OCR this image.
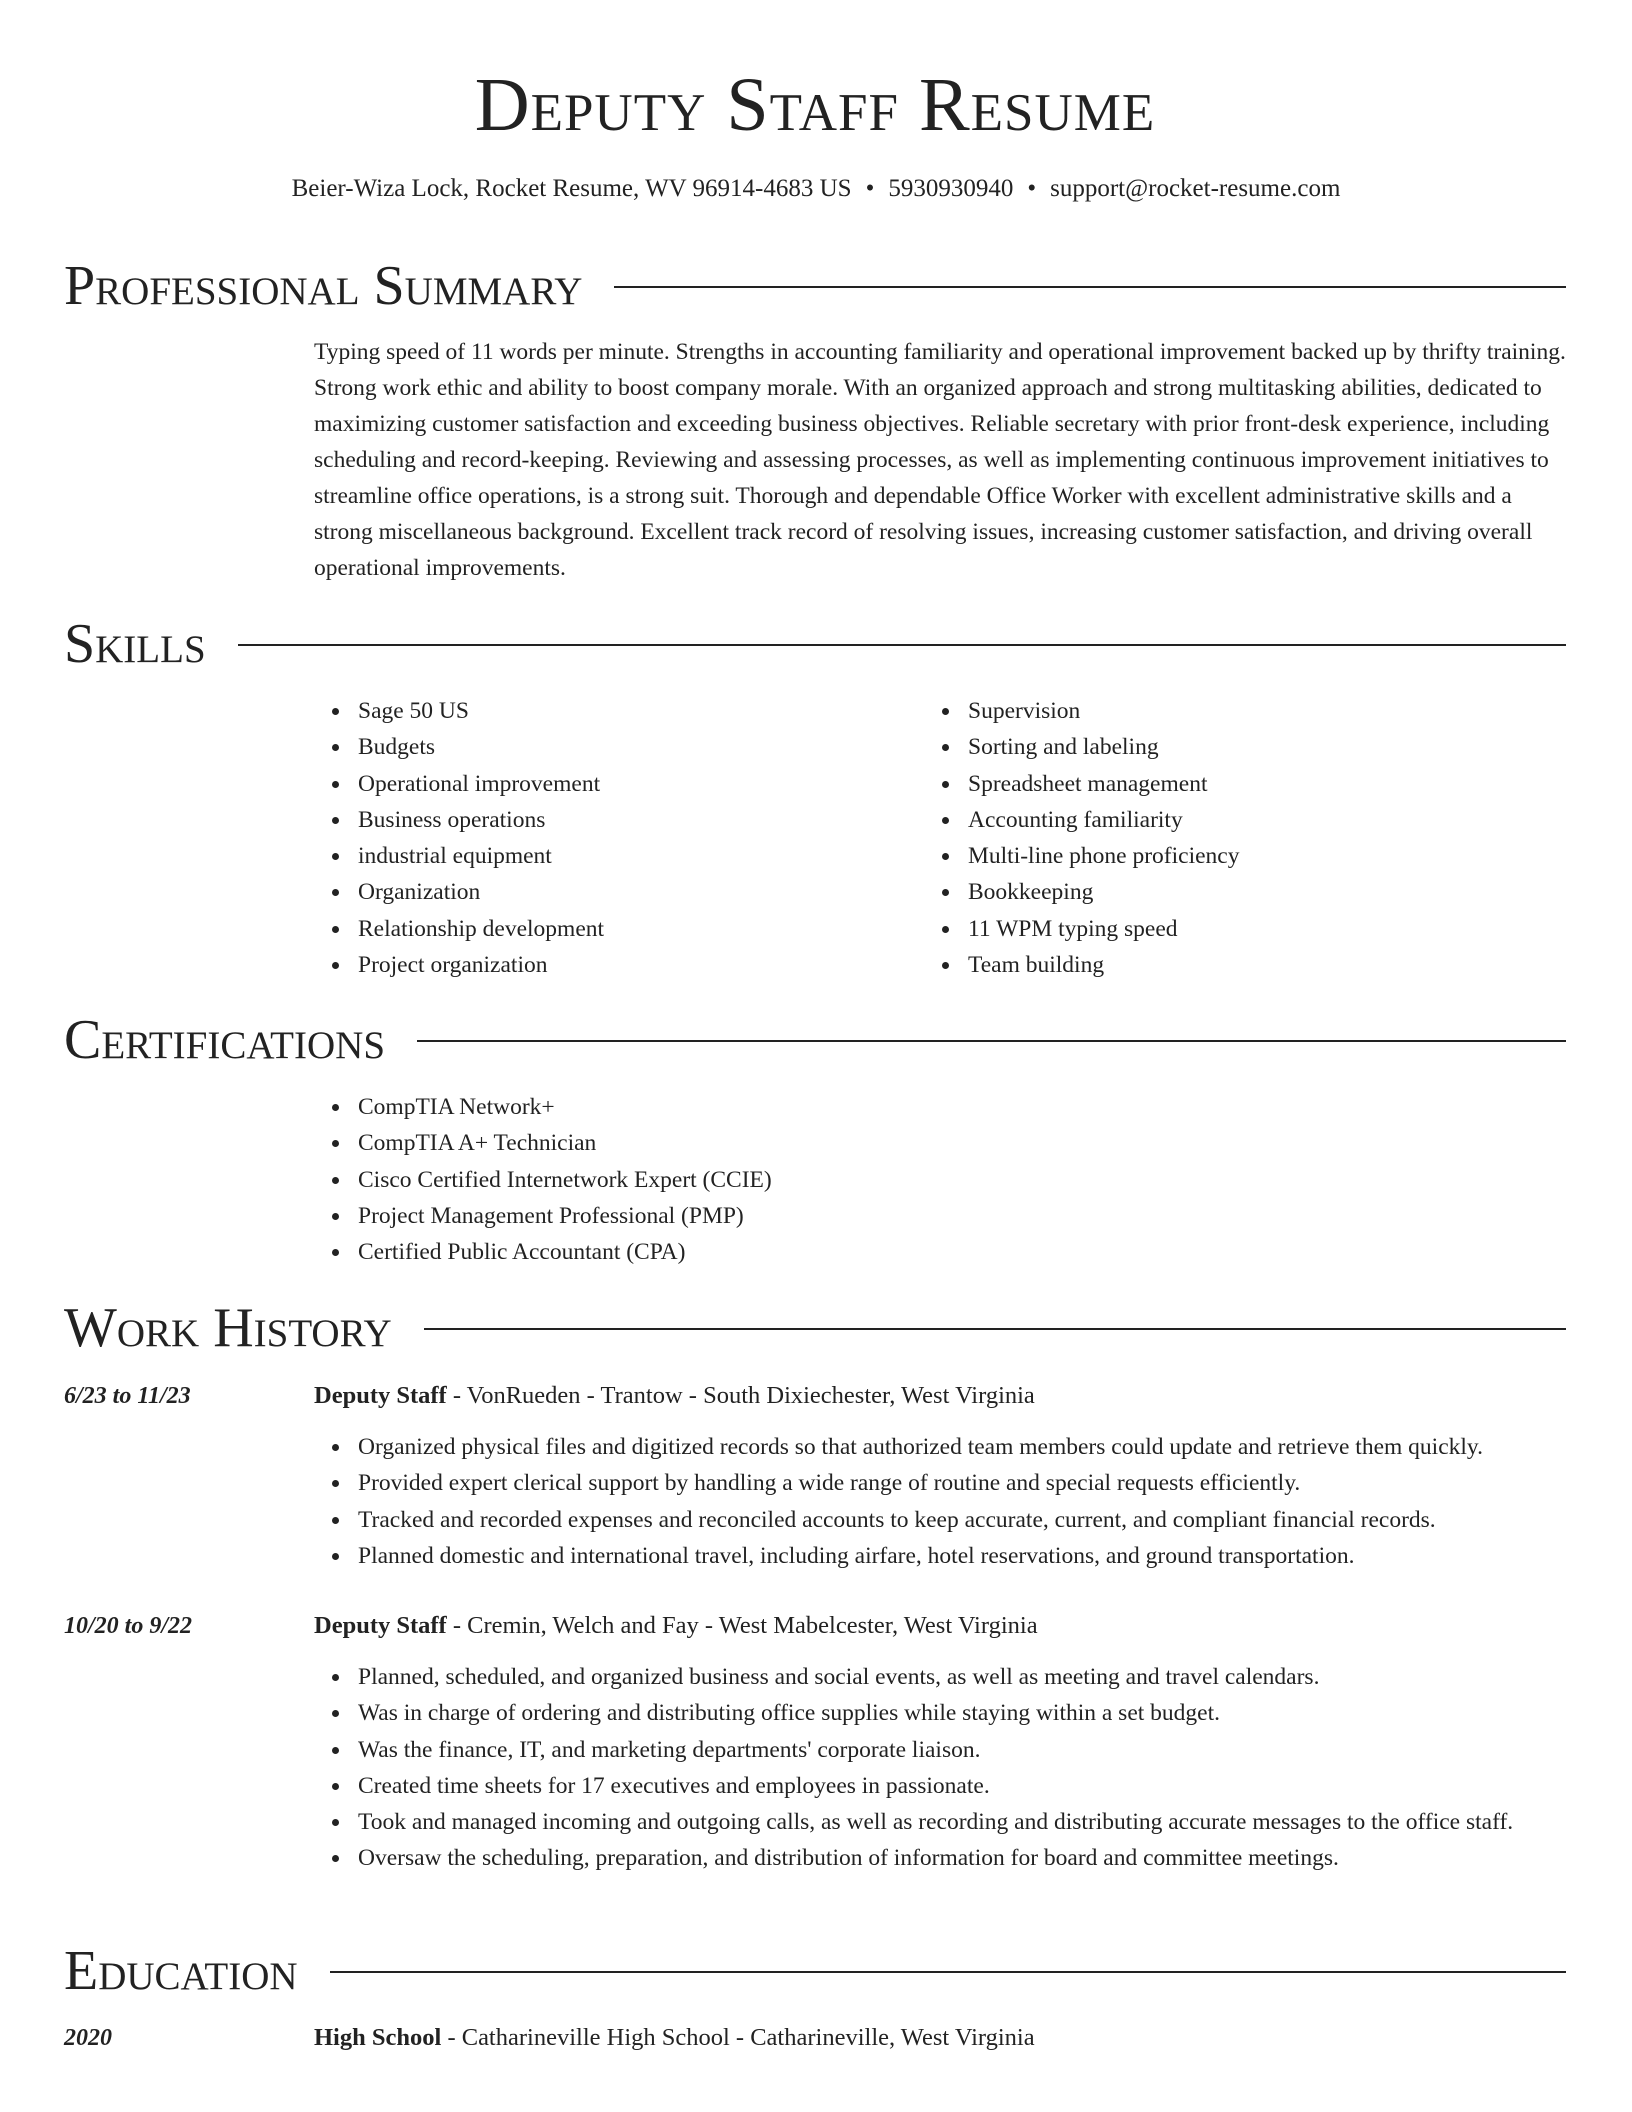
Deputy Staff Resume
Beier-Wiza Lock, Rocket Resume, WV 96914-4683 US • 5930930940 • support@rocket-resume.com
Professional Summary
Typing speed of 11 words per minute. Strengths in accounting familiarity and operational improvement backed up by thrifty training. Strong work ethic and ability to boost company morale. With an organized approach and strong multitasking abilities, dedicated to maximizing customer satisfaction and exceeding business objectives. Reliable secretary with prior front-desk experience, including scheduling and record-keeping. Reviewing and assessing processes, as well as implementing continuous improvement initiatives to streamline office operations, is a strong suit. Thorough and dependable Office Worker with excellent administrative skills and a strong miscellaneous background. Excellent track record of resolving issues, increasing customer satisfaction, and driving overall operational improvements.
Skills
Sage 50 US
Budgets
Operational improvement
Business operations
industrial equipment
Organization
Relationship development
Project organization
Supervision
Sorting and labeling
Spreadsheet management
Accounting familiarity
Multi-line phone proficiency
Bookkeeping
11 WPM typing speed
Team building
Certifications
CompTIA Network+
CompTIA A+ Technician
Cisco Certified Internetwork Expert (CCIE)
Project Management Professional (PMP)
Certified Public Accountant (CPA)
Work History
6/23 to 11/23	Deputy Staff - VonRueden - Trantow - South Dixiechester, West Virginia
Organized physical files and digitized records so that authorized team members could update and retrieve them quickly.
Provided expert clerical support by handling a wide range of routine and special requests efficiently.
Tracked and recorded expenses and reconciled accounts to keep accurate, current, and compliant financial records.
Planned domestic and international travel, including airfare, hotel reservations, and ground transportation.
10/20 to 9/22	Deputy Staff - Cremin, Welch and Fay - West Mabelcester, West Virginia
Planned, scheduled, and organized business and social events, as well as meeting and travel calendars.
Was in charge of ordering and distributing office supplies while staying within a set budget.
Was the finance, IT, and marketing departments' corporate liaison.
Created time sheets for 17 executives and employees in passionate.
Took and managed incoming and outgoing calls, as well as recording and distributing accurate messages to the office staff.
Oversaw the scheduling, preparation, and distribution of information for board and committee meetings.
Education
2020	High School - Catharineville High School - Catharineville, West Virginia
